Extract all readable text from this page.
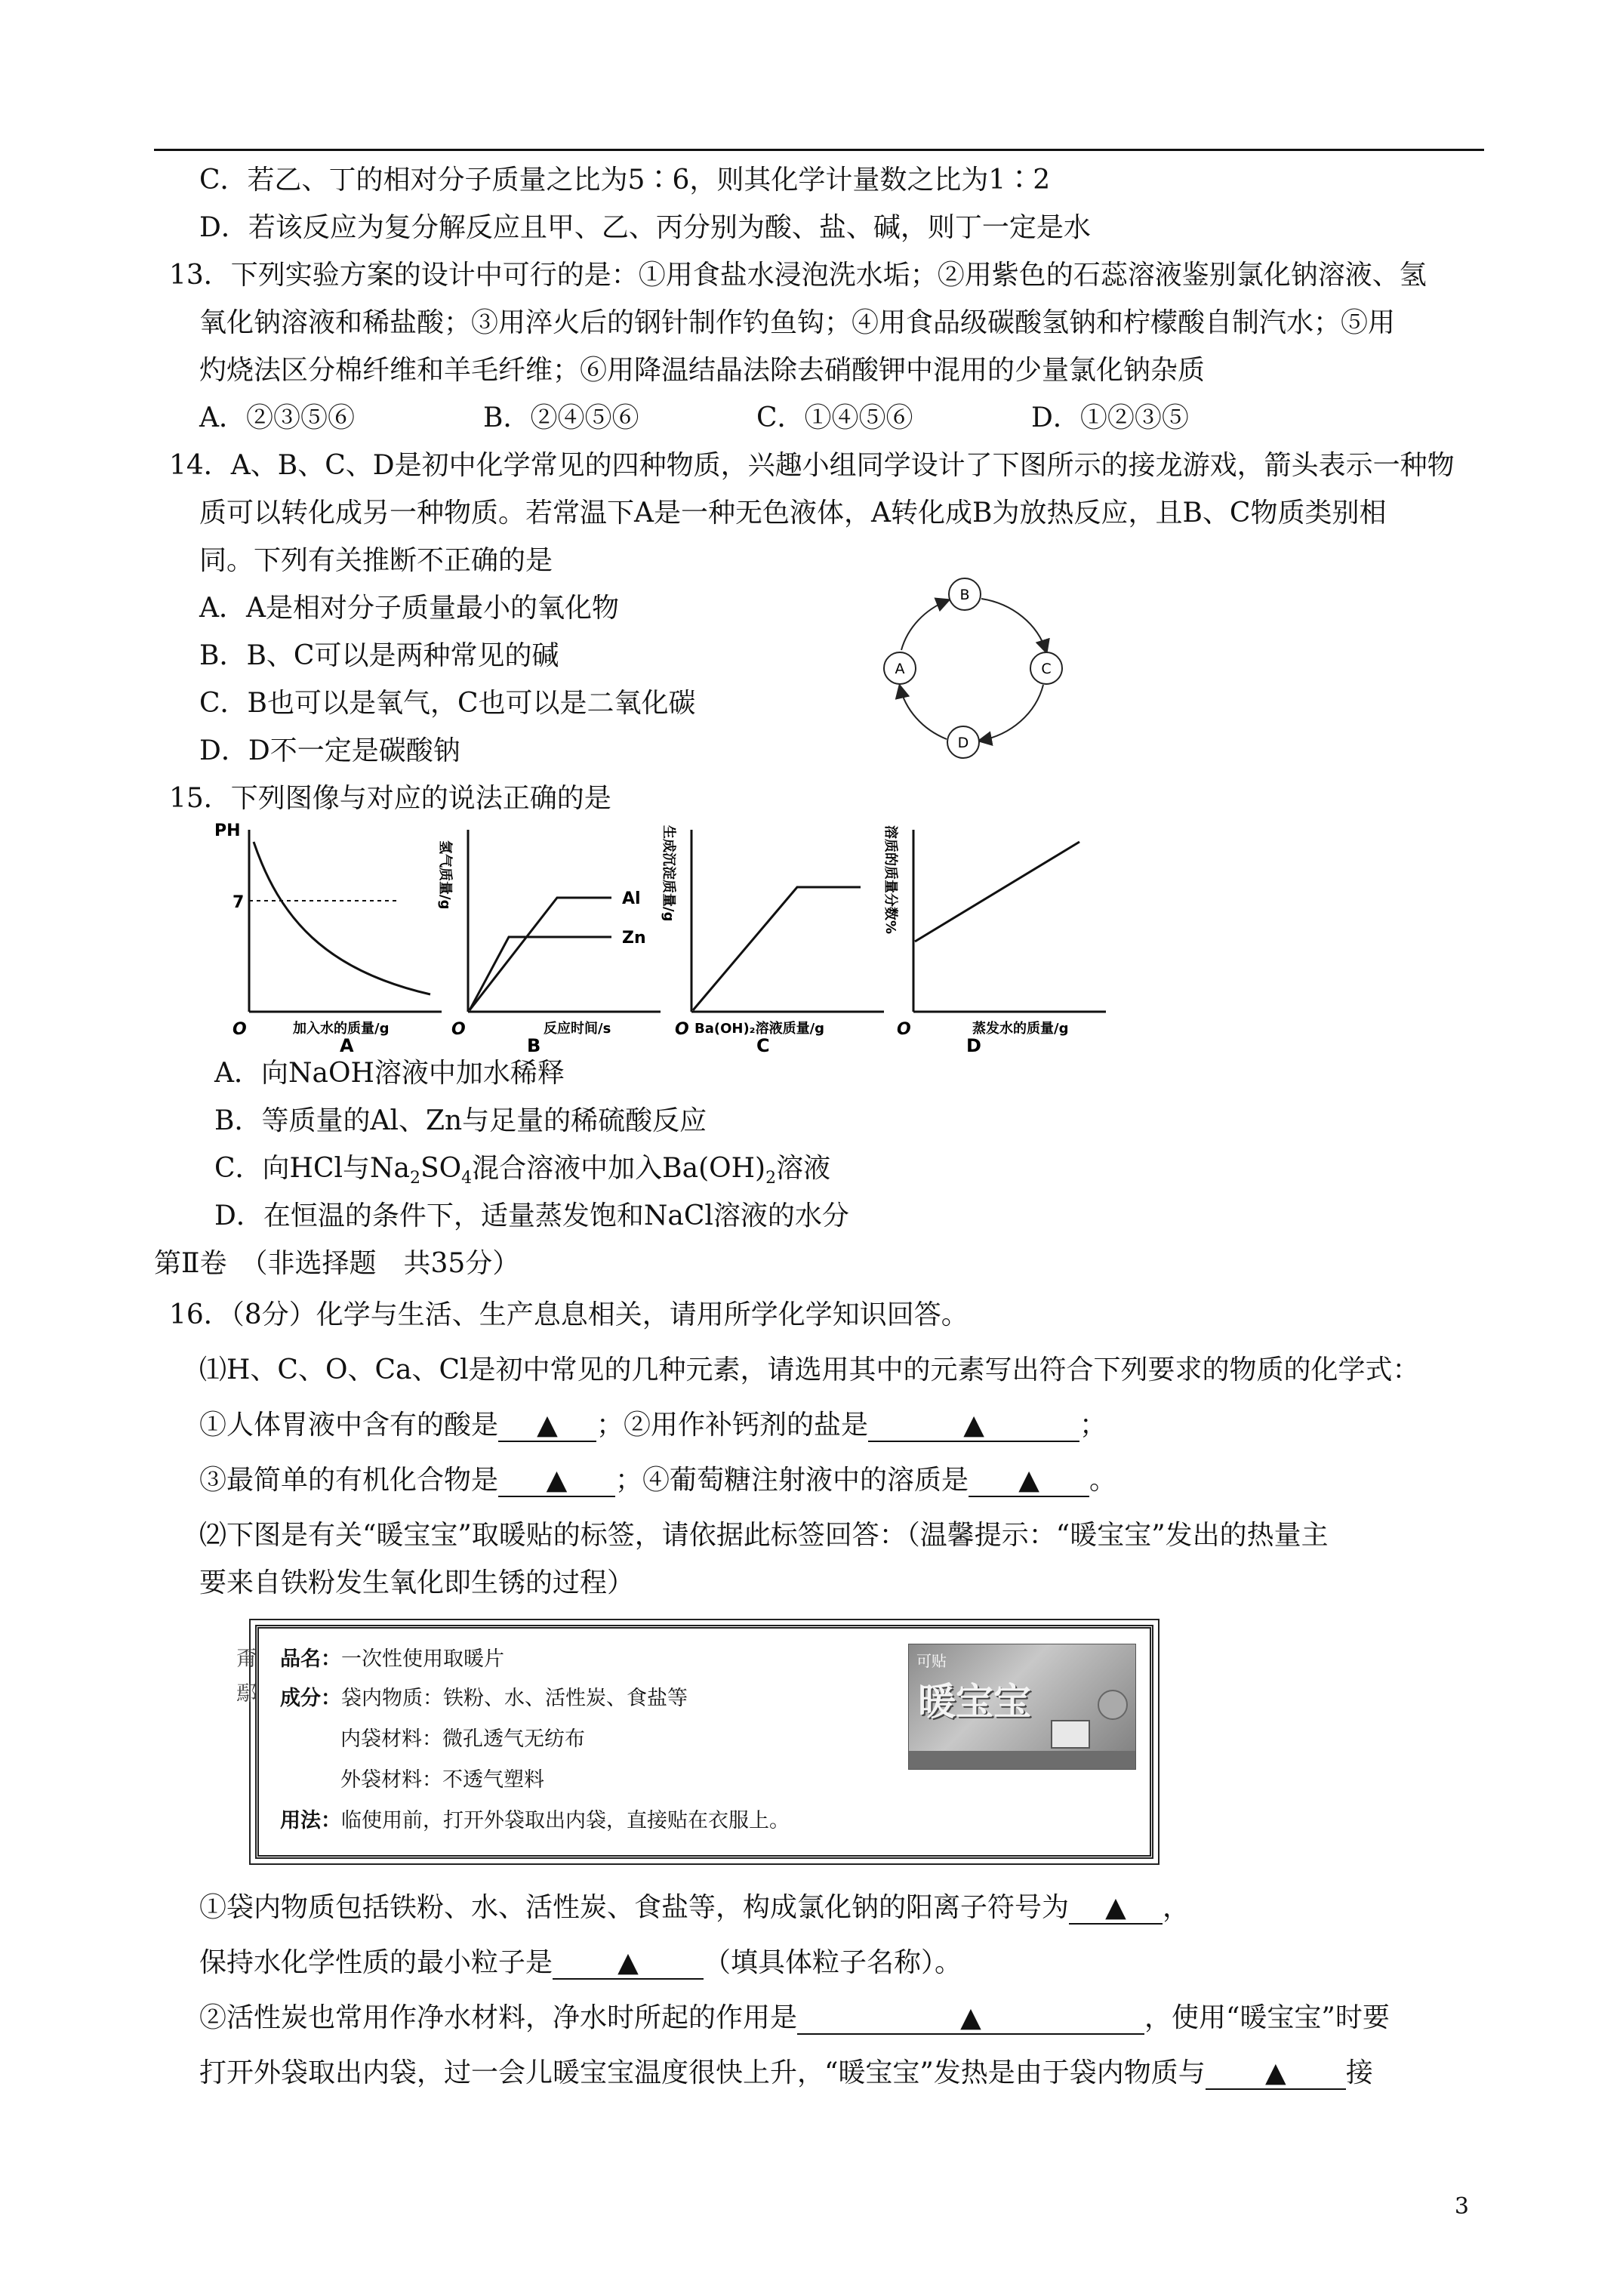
C．若乙、丁的相对分子质量之比为5∶6，则其化学计量数之比为1∶2
D．若该反应为复分解反应且甲、乙、丙分别为酸、盐、碱，则丁一定是水
13．下列实验方案的设计中可行的是：①用食盐水浸泡洗水垢；②用紫色的石蕊溶液鉴别氯化钠溶液、氢
氧化钠溶液和稀盐酸；③用淬火后的钢针制作钓鱼钩；④用食品级碳酸氢钠和柠檬酸自制汽水；⑤用
灼烧法区分棉纤维和羊毛纤维；⑥用降温结晶法除去硝酸钾中混用的少量氯化钠杂质
A．②③⑤⑥	B．②④⑤⑥	C．①④⑤⑥	D．①②③⑤
14．A、B、C、D是初中化学常见的四种物质，兴趣小组同学设计了下图所示的接龙游戏，箭头表示一种物
质可以转化成另一种物质。若常温下A是一种无色液体，A转化成B为放热反应，且B、C物质类别相
同。下列有关推断不正确的是
A．A是相对分子质量最小的氧化物
B．B、C可以是两种常见的碱
C．B也可以是氧气，C也可以是二氧化碳
D．D不一定是碳酸钠
B
C
D
A
15．下列图像与对应的说法正确的是
PH
7
O	加入水的质量/g
A
氢气质量/g	Al
Zn
O	反应时间/s
B
生成沉淀质量/g
O Ba(OH)₂溶液质量/g
C
溶质的质量分数%
O	蒸发水的质量/g
D
A．向NaOH溶液中加水稀释
B．等质量的Al、Zn与足量的稀硫酸反应
C．向HCl与$Na_2SO_4$混合溶液中加入$Ba(OH)_2$溶液
D．在恒温的条件下，适量蒸发饱和NaCl溶液的水分
第Ⅱ卷　（非选择题　共35分）
16．（8分）化学与生活、生产息息相关，请用所学化学知识回答。
⑴H、C、O、Ca、Cl是初中常见的几种元素，请选用其中的元素写出符合下列要求的物质的化学式：
①人体胃液中含有的酸是 ▲ ；②用作补钙剂的盐是	▲	；
③最简单的有机化合物是 ▲ ；④葡萄糖注射液中的溶质是 ▲ 。
⑵下图是有关“暖宝宝”取暖贴的标签，请依据此标签回答：（温馨提示：“暖宝宝”发出的热量主
要来自铁粉发生氧化即生锈的过程）
甭
鄢
品名：一次性使用取暖片
成分：袋内物质：铁粉、水、活性炭、食盐等
内袋材料：微孔透气无纺布
外袋材料：不透气塑料
用法：临使用前，打开外袋取出内袋，直接贴在衣服上。
可贴
暖宝宝
①袋内物质包括铁粉、水、活性炭、食盐等，构成氯化钠的阳离子符号为 ▲ ，
保持水化学性质的最小粒子是 ▲ （填具体粒子名称）。
②活性炭也常用作净水材料，净水时所起的作用是	▲	，使用“暖宝宝”时要
打开外袋取出内袋，过一会儿暖宝宝温度很快上升，“暖宝宝”发热是由于袋内物质与 ▲ 接
3
